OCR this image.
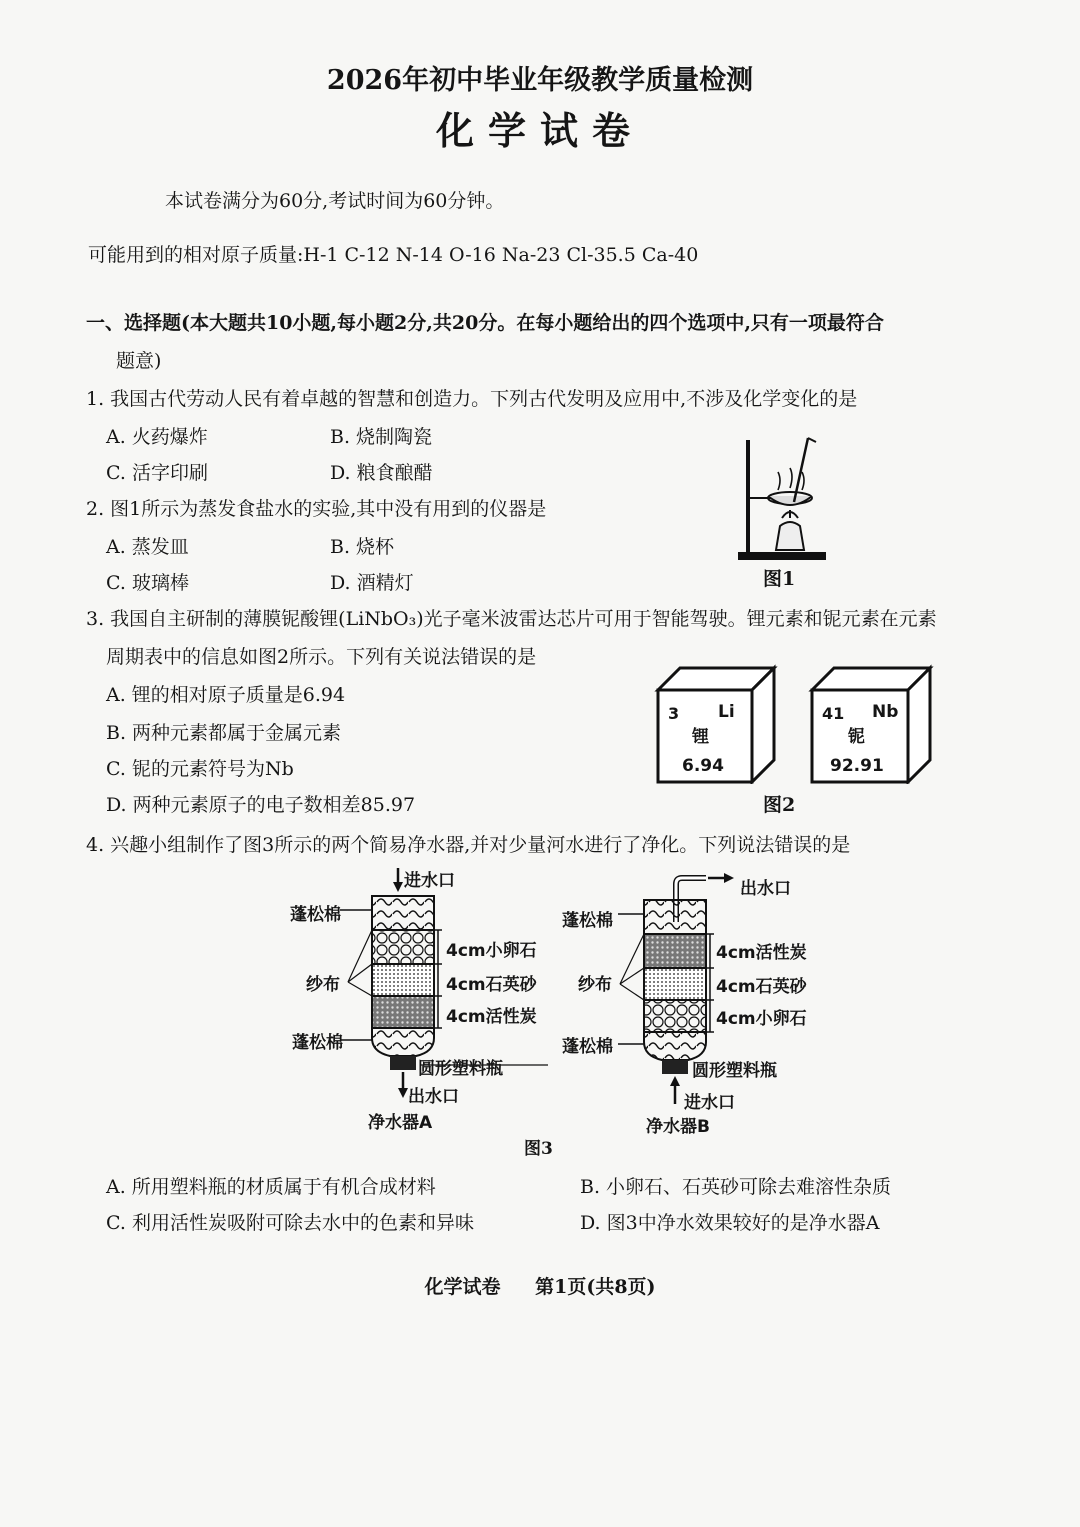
2026年初中毕业年级教学质量检测
化学试卷
本试卷满分为60分,考试时间为60分钟。
可能用到的相对原子质量:H-1 C-12 N-14 O-16 Na-23 Cl-35.5 Ca-40
一、选择题(本大题共10小题,每小题2分,共20分。在每小题给出的四个选项中,只有一项最符合
题意)
1. 我国古代劳动人民有着卓越的智慧和创造力。下列古代发明及应用中,不涉及化学变化的是
A. 火药爆炸	B. 烧制陶瓷
C. 活字印刷	D. 粮食酿醋
2. 图1所示为蒸发食盐水的实验,其中没有用到的仪器是
A. 蒸发皿	B. 烧杯
C. 玻璃棒	D. 酒精灯	图1
3. 我国自主研制的薄膜铌酸锂(LiNbO₃)光子毫米波雷达芯片可用于智能驾驶。锂元素和铌元素在元素
周期表中的信息如图2所示。下列有关说法错误的是
A. 锂的相对原子质量是6.94
B. 两种元素都属于金属元素
C. 铌的元素符号为Nb
D. 两种元素原子的电子数相差85.97
3 Li
锂
6.94
41 Nb
铌
92.91
图2
4. 兴趣小组制作了图3所示的两个简易净水器,并对少量河水进行了净化。下列说法错误的是
进水口
蓬松棉
4cm小卵石
纱布	4cm石英砂
4cm活性炭
蓬松棉
圆形塑料瓶
出水口
净水器A
出水口
蓬松棉
4cm活性炭
纱布	4cm石英砂
4cm小卵石
蓬松棉
圆形塑料瓶
进水口
净水器B
图3
A. 所用塑料瓶的材质属于有机合成材料	B. 小卵石、石英砂可除去难溶性杂质
C. 利用活性炭吸附可除去水中的色素和异味	D. 图3中净水效果较好的是净水器A
化学试卷 第1页(共8页)
